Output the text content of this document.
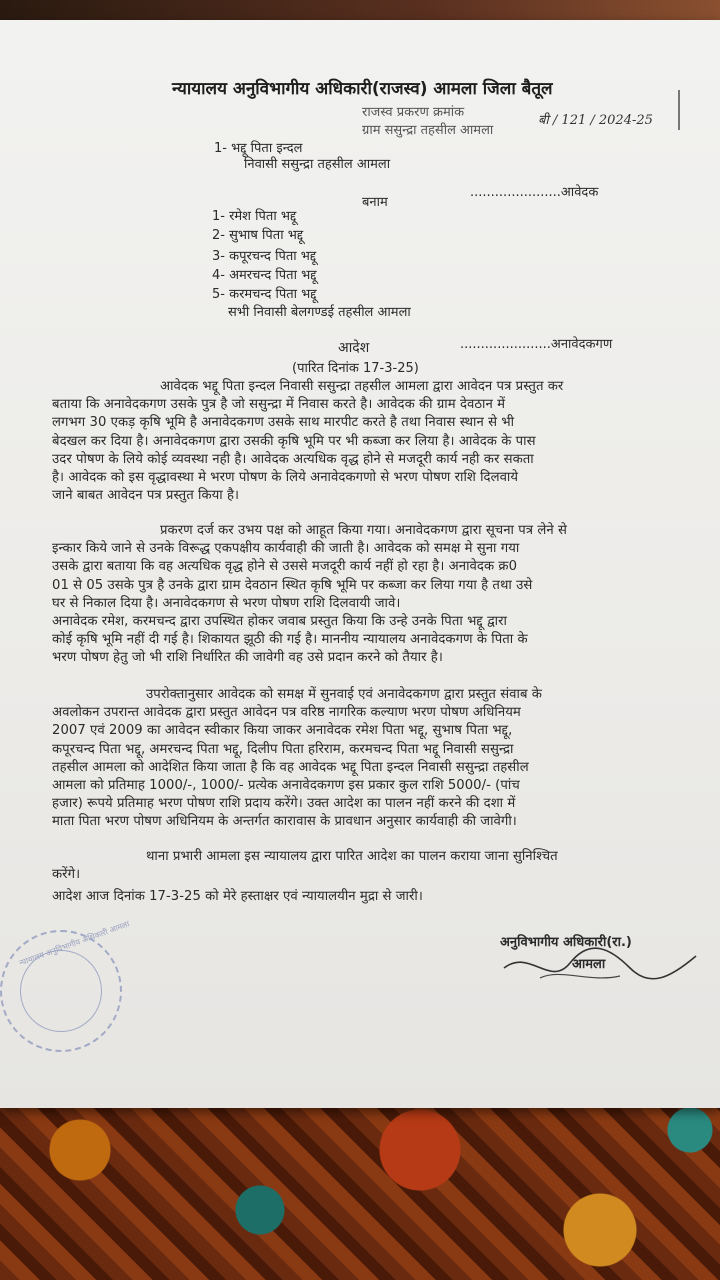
न्यायालय अनुविभागीय अधिकारी(राजस्व) आमला जिला बैतूल
राजस्व प्रकरण क्रमांक
बी / 121 / 2024-25
ग्राम ससुन्द्रा तहसील आमला
1- भद्दू पिता इन्दल
निवासी ससुन्द्रा तहसील आमला
......................आवेदक
बनाम
1- रमेश पिता भद्दू
2- सुभाष पिता भद्दू
3- कपूरचन्द पिता भद्दू
4- अमरचन्द पिता भद्दू
5- करमचन्द पिता भद्दू
सभी निवासी बेलगण्डई तहसील आमला
......................अनावेदकगण
आदेश
(पारित दिनांक 17-3-25)
आवेदक भद्दू पिता इन्दल निवासी ससुन्द्रा तहसील आमला द्वारा आवेदन पत्र प्रस्तुत कर
बताया कि अनावेदकगण उसके पुत्र है जो ससुन्द्रा में निवास करते है। आवेदक की ग्राम देवठान में
लगभग 30 एकड़ कृषि भूमि है अनावेदकगण उसके साथ मारपीट करते है तथा निवास स्थान से भी
बेदखल कर दिया है। अनावेदकगण द्वारा उसकी कृषि भूमि पर भी कब्जा कर लिया है। आवेदक के पास
उदर पोषण के लिये कोई व्यवस्था नही है। आवेदक अत्यधिक वृद्ध होने से मजदूरी कार्य नही कर सकता
है। आवेदक को इस वृद्धावस्था मे भरण पोषण के लिये अनावेदकगणो से भरण पोषण राशि दिलवाये
जाने बाबत आवेदन पत्र प्रस्तुत किया है।
प्रकरण दर्ज कर उभय पक्ष को आहूत किया गया। अनावेदकगण द्वारा सूचना पत्र लेने से
इन्कार किये जाने से उनके विरूद्ध एकपक्षीय कार्यवाही की जाती है। आवेदक को समक्ष मे सुना गया
उसके द्वारा बताया कि वह अत्यधिक वृद्ध होने से उससे मजदूरी कार्य नहीं हो रहा है। अनावेदक क्र0
01 से 05 उसके पुत्र है उनके द्वारा ग्राम देवठान स्थित कृषि भूमि पर कब्जा कर लिया गया है तथा उसे
घर से निकाल दिया है। अनावेदकगण से भरण पोषण राशि दिलवायी जावे।
अनावेदक रमेश, करमचन्द द्वारा उपस्थित होकर जवाब प्रस्तुत किया कि उन्हे उनके पिता भद्दू द्वारा
कोई कृषि भूमि नहीं दी गई है। शिकायत झूठी की गई है। माननीय न्यायालय अनावेदकगण के पिता के
भरण पोषण हेतु जो भी राशि निर्धारित की जावेगी वह उसे प्रदान करने को तैयार है।
उपरोक्तानुसार आवेदक को समक्ष में सुनवाई एवं अनावेदकगण द्वारा प्रस्तुत संवाब के
अवलोकन उपरान्त आवेदक द्वारा प्रस्तुत आवेदन पत्र वरिष्ठ नागरिक कल्याण भरण पोषण अधिनियम
2007 एवं 2009 का आवेदन स्वीकार किया जाकर अनावेदक रमेश पिता भद्दू, सुभाष पिता भद्दू,
कपूरचन्द पिता भद्दू, अमरचन्द पिता भद्दू, दिलीप पिता हरिराम, करमचन्द पिता भद्दू निवासी ससुन्द्रा
तहसील आमला को आदेशित किया जाता है कि वह आवेदक भद्दू पिता इन्दल निवासी ससुन्द्रा तहसील
आमला को प्रतिमाह 1000/-, 1000/- प्रत्येक अनावेदकगण इस प्रकार कुल राशि 5000/- (पांच
हजार) रूपये प्रतिमाह भरण पोषण राशि प्रदाय करेंगे। उक्त आदेश का पालन नहीं करने की दशा में
माता पिता भरण पोषण अधिनियम के अन्तर्गत कारावास के प्रावधान अनुसार कार्यवाही की जावेगी।
थाना प्रभारी आमला इस न्यायालय द्वारा पारित आदेश का पालन कराया जाना सुनिश्चित
करेंगे।
आदेश आज दिनांक 17-3-25 को मेरे हस्ताक्षर एवं न्यायालयीन मुद्रा से जारी।
न्यायालय अनुविभागीय अधिकारी आमला	अनुविभागीय अधिकारी(रा.)
आमला
